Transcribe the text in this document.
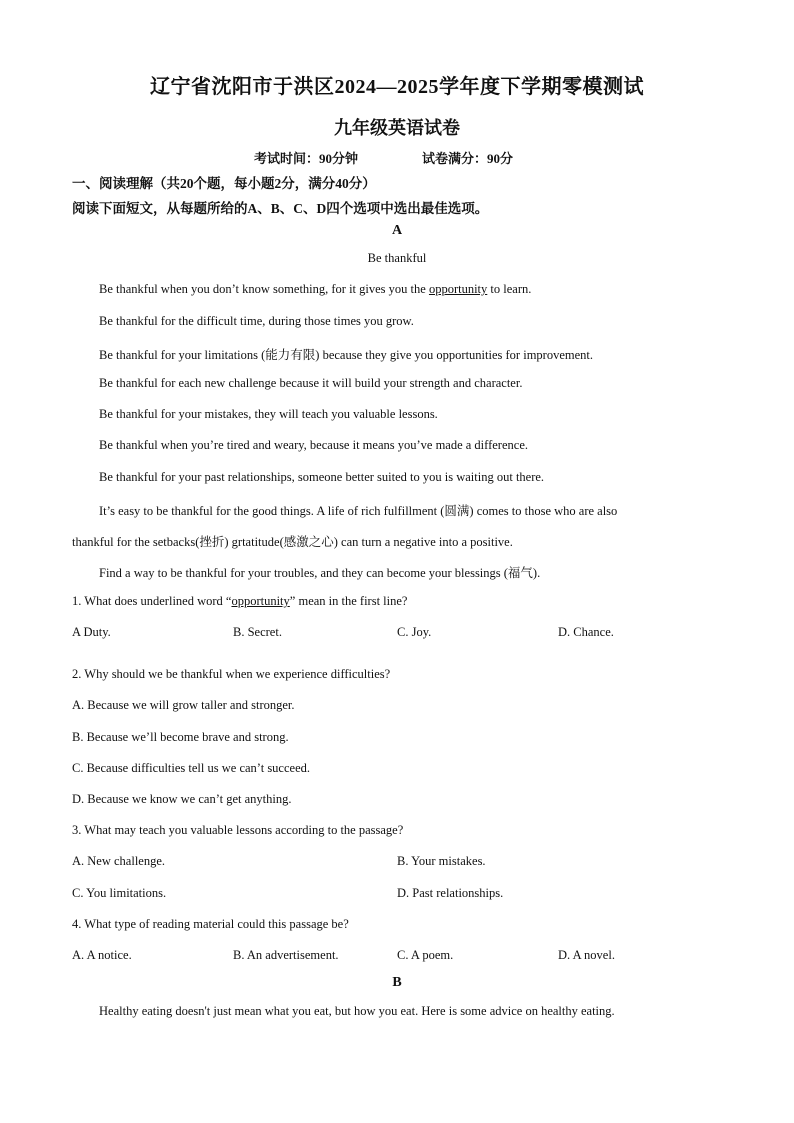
辽宁省沈阳市于洪区2024—2025学年度下学期零模测试
九年级英语试卷
考试时间：90分钟	试卷满分：90分
一、阅读理解（共20个题，每小题2分，满分40分）
阅读下面短文，从每题所给的A、B、C、D四个选项中选出最佳选项。
A
Be thankful
Be thankful when you don’t know something, for it gives you the opportunity to learn.
Be thankful for the difficult time, during those times you grow.
Be thankful for your limitations (能力有限) because they give you opportunities for improvement.
Be thankful for each new challenge because it will build your strength and character.
Be thankful for your mistakes, they will teach you valuable lessons.
Be thankful when you’re tired and weary, because it means you’ve made a difference.
Be thankful for your past relationships, someone better suited to you is waiting out there.
It’s easy to be thankful for the good things. A life of rich fulfillment (圆满) comes to those who are also
thankful for the setbacks(挫折) grtatitude(感激之心) can turn a negative into a positive.
Find a way to be thankful for your troubles, and they can become your blessings (福气).
1. What does underlined word “opportunity” mean in the first line?
A Duty.	B. Secret.	C. Joy.	D. Chance.
2. Why should we be thankful when we experience difficulties?
A. Because we will grow taller and stronger.
B. Because we’ll become brave and strong.
C. Because difficulties tell us we can’t succeed.
D. Because we know we can’t get anything.
3. What may teach you valuable lessons according to the passage?
A. New challenge.	B. Your mistakes.
C. You limitations.	D. Past relationships.
4. What type of reading material could this passage be?
A. A notice.	B. An advertisement.	C. A poem.	D. A novel.
B
Healthy eating doesn't just mean what you eat, but how you eat. Here is some advice on healthy eating.
